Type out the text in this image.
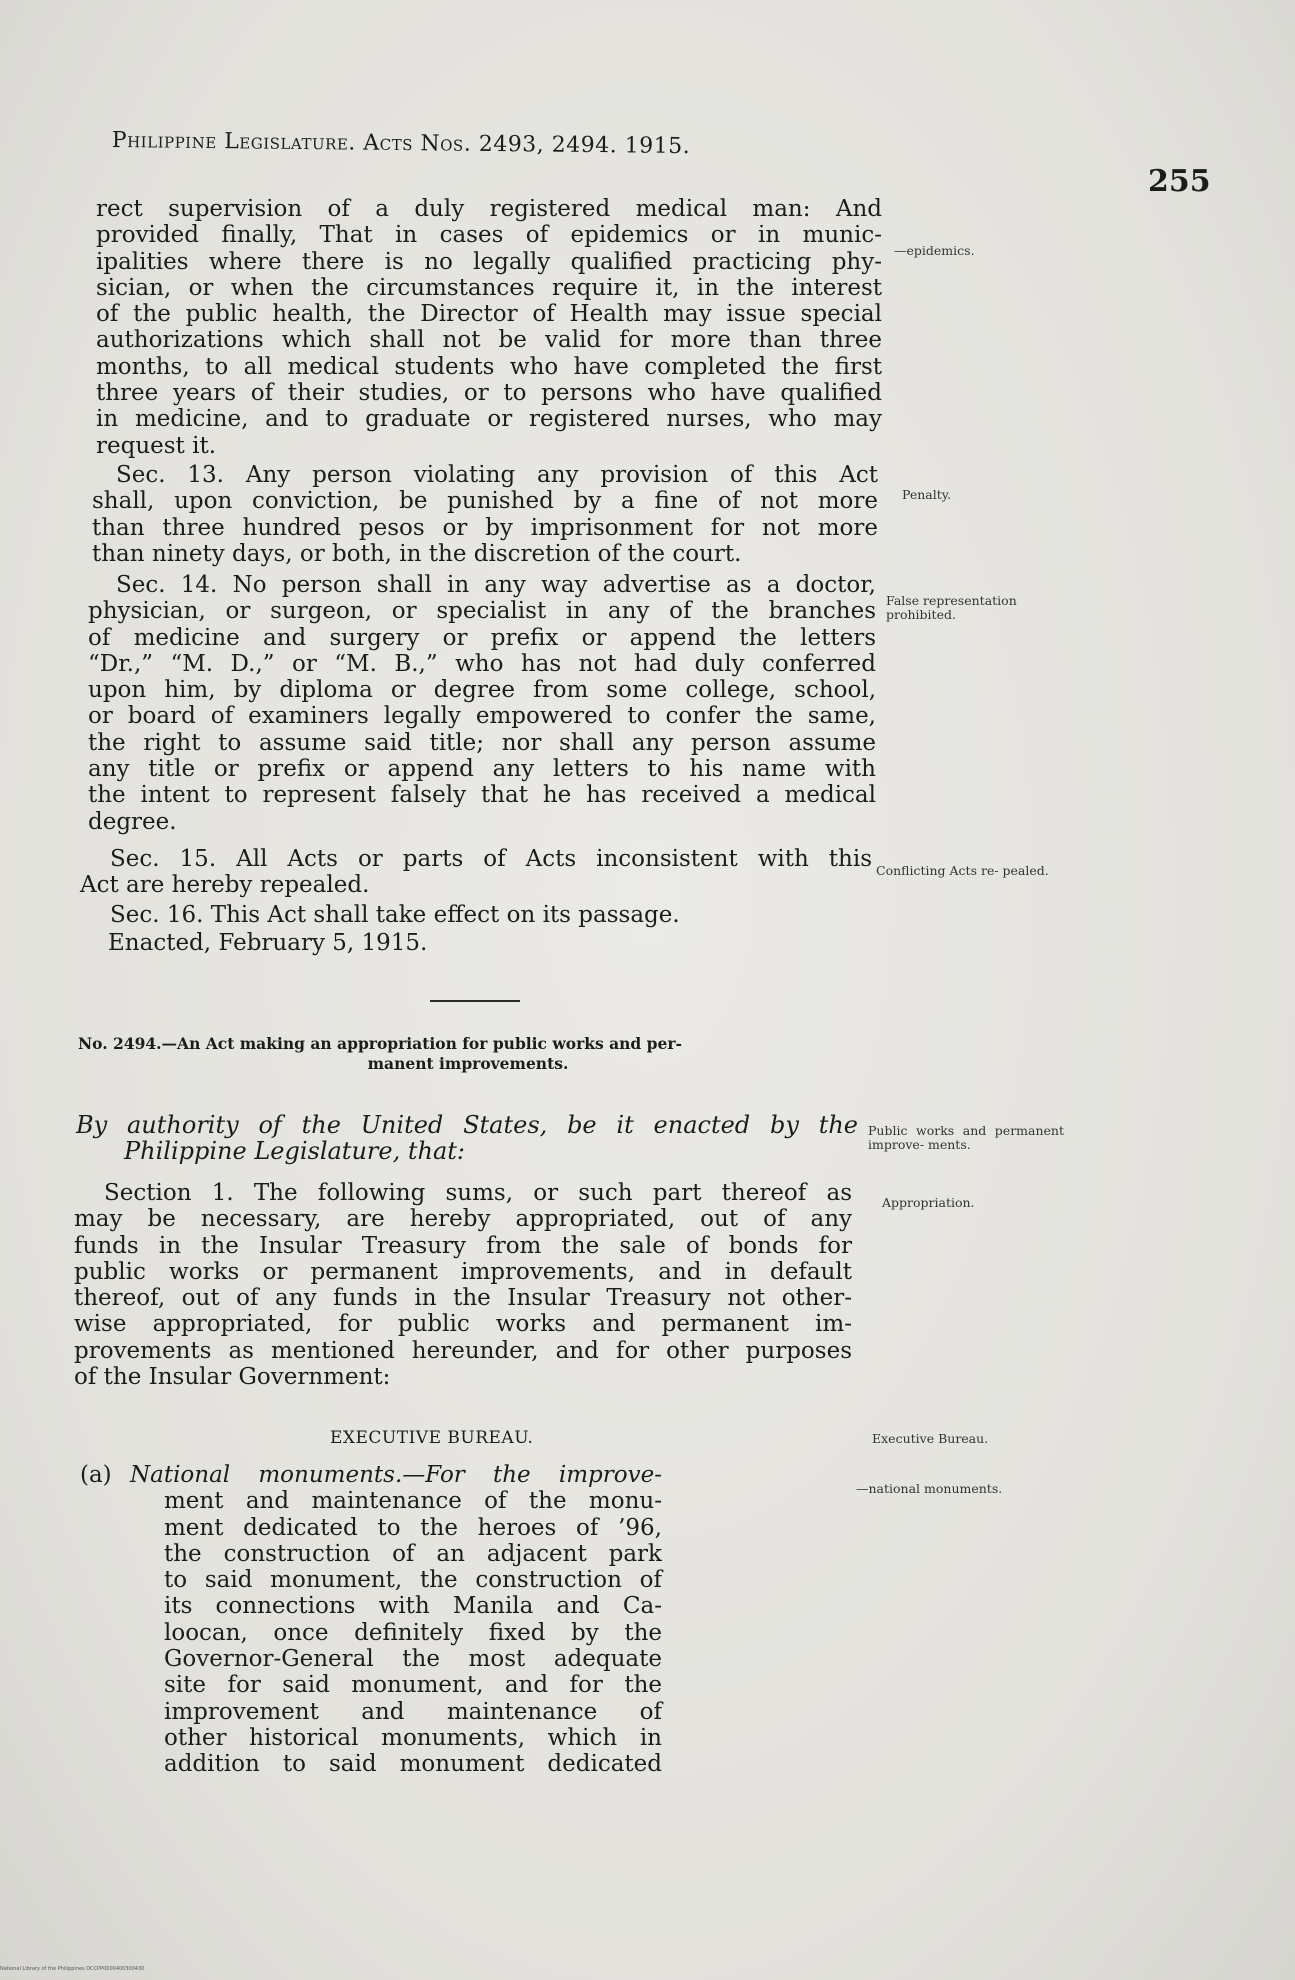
Philippine Legislature. Acts Nos. 2493, 2494. 1915.
255
rect supervision of a duly registered medical man: And
provided finally, That in cases of epidemics or in munic-
ipalities where there is no legally qualified practicing phy-
sician, or when the circumstances require it, in the interest
of the public health, the Director of Health may issue special
authorizations which shall not be valid for more than three
months, to all medical students who have completed the first
three years of their studies, or to persons who have qualified
in medicine, and to graduate or registered nurses, who may
request it.
Sec. 13. Any person violating any provision of this Act
shall, upon conviction, be punished by a fine of not more
than three hundred pesos or by imprisonment for not more
than ninety days, or both, in the discretion of the court.
Sec. 14. No person shall in any way advertise as a doctor,
physician, or surgeon, or specialist in any of the branches
of medicine and surgery or prefix or append the letters
“Dr.,” “M. D.,” or “M. B.,” who has not had duly conferred
upon him, by diploma or degree from some college, school,
or board of examiners legally empowered to confer the same,
the right to assume said title; nor shall any person assume
any title or prefix or append any letters to his name with
the intent to represent falsely that he has received a medical
degree.
Sec. 15. All Acts or parts of Acts inconsistent with this
Act are hereby repealed.
Sec. 16. This Act shall take effect on its passage.
Enacted, February 5, 1915.
No. 2494.—An Act making an appropriation for public works and per-
manent improvements.
By authority of the United States, be it enacted by the
Philippine Legislature, that:
Section 1. The following sums, or such part thereof as
may be necessary, are hereby appropriated, out of any
funds in the Insular Treasury from the sale of bonds for
public works or permanent improvements, and in default
thereof, out of any funds in the Insular Treasury not other-
wise appropriated, for public works and permanent im-
provements as mentioned hereunder, and for other purposes
of the Insular Government:
EXECUTIVE BUREAU.
(a) National monuments.—For the improve-
ment and maintenance of the monu-
ment dedicated to the heroes of ’96,
the construction of an adjacent park
to said monument, the construction of
its connections with Manila and Ca-
loocan, once definitely fixed by the
Governor-General the most adequate
site for said monument, and for the
improvement and maintenance of
other historical monuments, which in
addition to said monument dedicated
—epidemics.
Penalty.
False representation prohibited.
Conflicting Acts re- pealed.
Public works and permanent improve- ments.
Appropriation.
Executive Bureau.
—national monuments.
National Library of the Philippines DCCPP0000400300430
